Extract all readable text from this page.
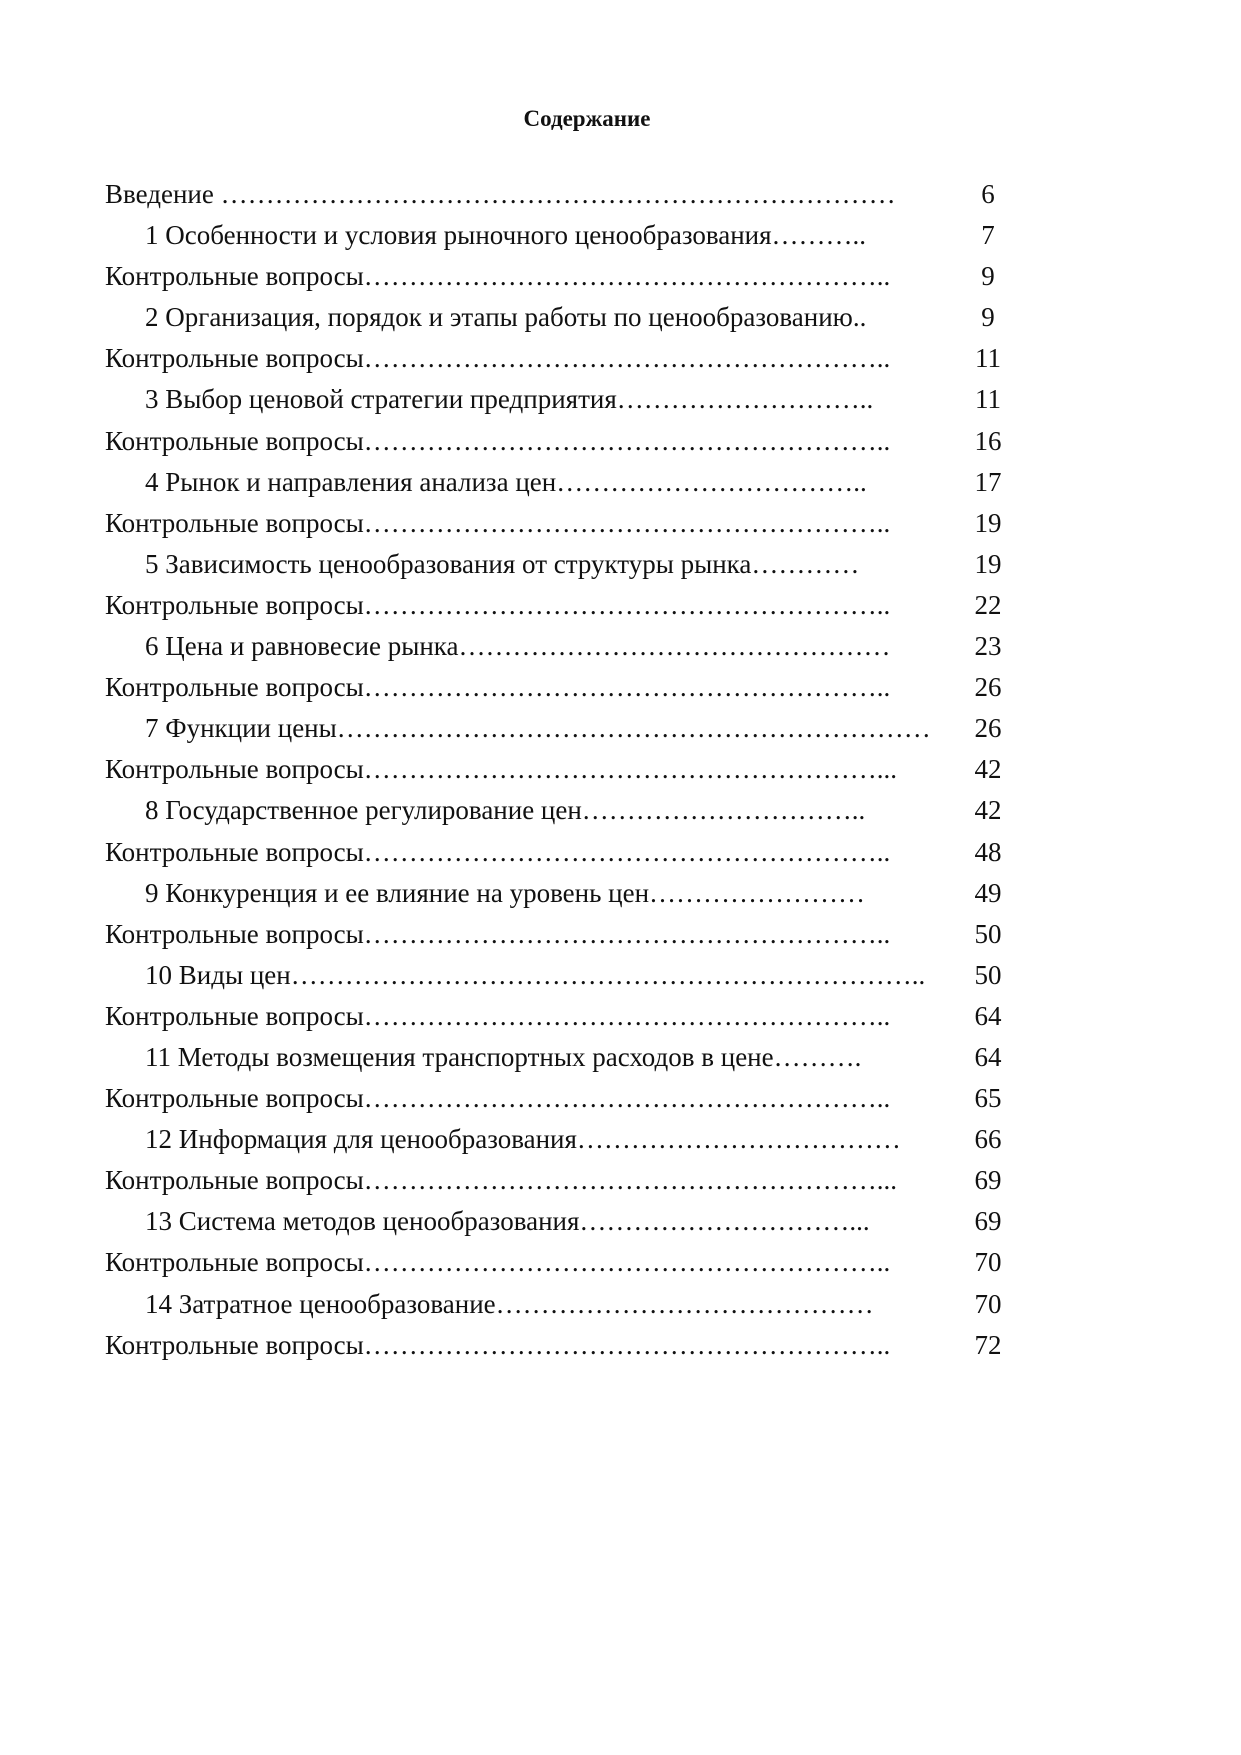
Содержание
Введение …………………………………………………………………	6
1 Особенности и условия рыночного ценообразования………..	7
Контрольные вопросы…………………………………………………..	9
2 Организация, порядок и этапы работы по ценообразованию..	9
Контрольные вопросы…………………………………………………..	11
3 Выбор ценовой стратегии предприятия………………………..	11
Контрольные вопросы…………………………………………………..	16
4 Рынок и направления анализа цен……………………………..	17
Контрольные вопросы…………………………………………………..	19
5 Зависимость ценообразования от структуры рынка…………	19
Контрольные вопросы…………………………………………………..	22
6 Цена и равновесие рынка…………………………………………	23
Контрольные вопросы…………………………………………………..	26
7 Функции цены…………………………………………………………	26
Контрольные вопросы…………………………………………………...	42
8 Государственное регулирование цен…………………………..	42
Контрольные вопросы…………………………………………………..	48
9 Конкуренция и ее влияние на уровень цен……………………	49
Контрольные вопросы…………………………………………………..	50
10 Виды цен……………………………………………………………..	50
Контрольные вопросы…………………………………………………..	64
11 Методы возмещения транспортных расходов в цене……….	64
Контрольные вопросы…………………………………………………..	65
12 Информация для ценообразования………………………………	66
Контрольные вопросы…………………………………………………...	69
13 Система методов ценообразования…………………………...	69
Контрольные вопросы…………………………………………………..	70
14 Затратное ценообразование……………………………………	70
Контрольные вопросы…………………………………………………..	72
